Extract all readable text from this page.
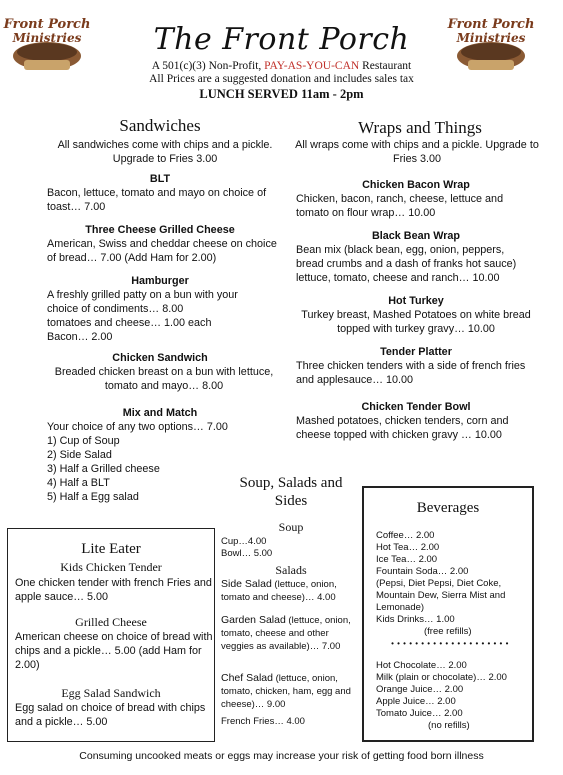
Front Porch
Ministries
Front Porch
Ministries
The Front Porch
A 501(c)(3) Non-Profit, PAY-AS-YOU-CAN Restaurant
All Prices are a suggested donation and includes sales tax
LUNCH SERVED 11am - 2pm
Sandwiches
All sandwiches come with chips and a pickle. Upgrade to Fries 3.00
BLT
Bacon, lettuce, tomato and mayo on choice of toast… 7.00
Three Cheese Grilled Cheese
American, Swiss and cheddar cheese on choice of bread… 7.00 (Add Ham for 2.00)
Hamburger
A freshly grilled patty on a bun with your
choice of condiments… 8.00
tomatoes and cheese… 1.00 each
Bacon… 2.00
Chicken Sandwich
Breaded chicken breast on a bun with lettuce, tomato and mayo… 8.00
Mix and Match
Your choice of any two options… 7.00
1) Cup of Soup
2) Side Salad
3) Half a Grilled cheese
4) Half a BLT
5) Half a Egg salad
Wraps and Things
All wraps come with chips and a pickle. Upgrade to Fries 3.00
Chicken Bacon Wrap
Chicken, bacon, ranch, cheese, lettuce and tomato on flour wrap… 10.00
Black Bean Wrap
Bean mix (black bean, egg, onion, peppers, bread crumbs and a dash of franks hot sauce) lettuce, tomato, cheese and ranch… 10.00
Hot Turkey
Turkey breast, Mashed Potatoes on white bread topped with turkey gravy… 10.00
Tender Platter
Three chicken tenders with a side of french fries and applesauce… 10.00
Chicken Tender Bowl
Mashed potatoes, chicken tenders, corn and cheese topped with chicken gravy … 10.00
Lite Eater
Kids Chicken Tender
One chicken tender with french Fries and apple sauce… 5.00
Grilled Cheese
American cheese on choice of bread with chips and a pickle… 5.00 (add Ham for 2.00)
Egg Salad Sandwich
Egg salad on choice of bread with chips and a pickle… 5.00
Soup, Salads and Sides
Soup
Cup…4.00
Bowl… 5.00
Salads
Side Salad (lettuce, onion, tomato and cheese)… 4.00
Garden Salad (lettuce, onion, tomato, cheese and other veggies as available)… 7.00
Chef Salad (lettuce, onion, tomato, chicken, ham, egg and cheese)… 9.00
French Fries… 4.00
Beverages
Coffee… 2.00
Hot Tea… 2.00
Ice Tea… 2.00
Fountain Soda… 2.00
(Pepsi, Diet Pepsi, Diet Coke, Mountain Dew, Sierra Mist and Lemonade)
Kids Drinks… 1.00
(free refills)
• • • • • • • • • • • • • • • • • • • •
Hot Chocolate… 2.00
Milk (plain or chocolate)… 2.00
Orange Juice… 2.00
Apple Juice… 2.00
Tomato Juice… 2.00
(no refills)
Consuming uncooked meats or eggs may increase your risk of getting food born illness
